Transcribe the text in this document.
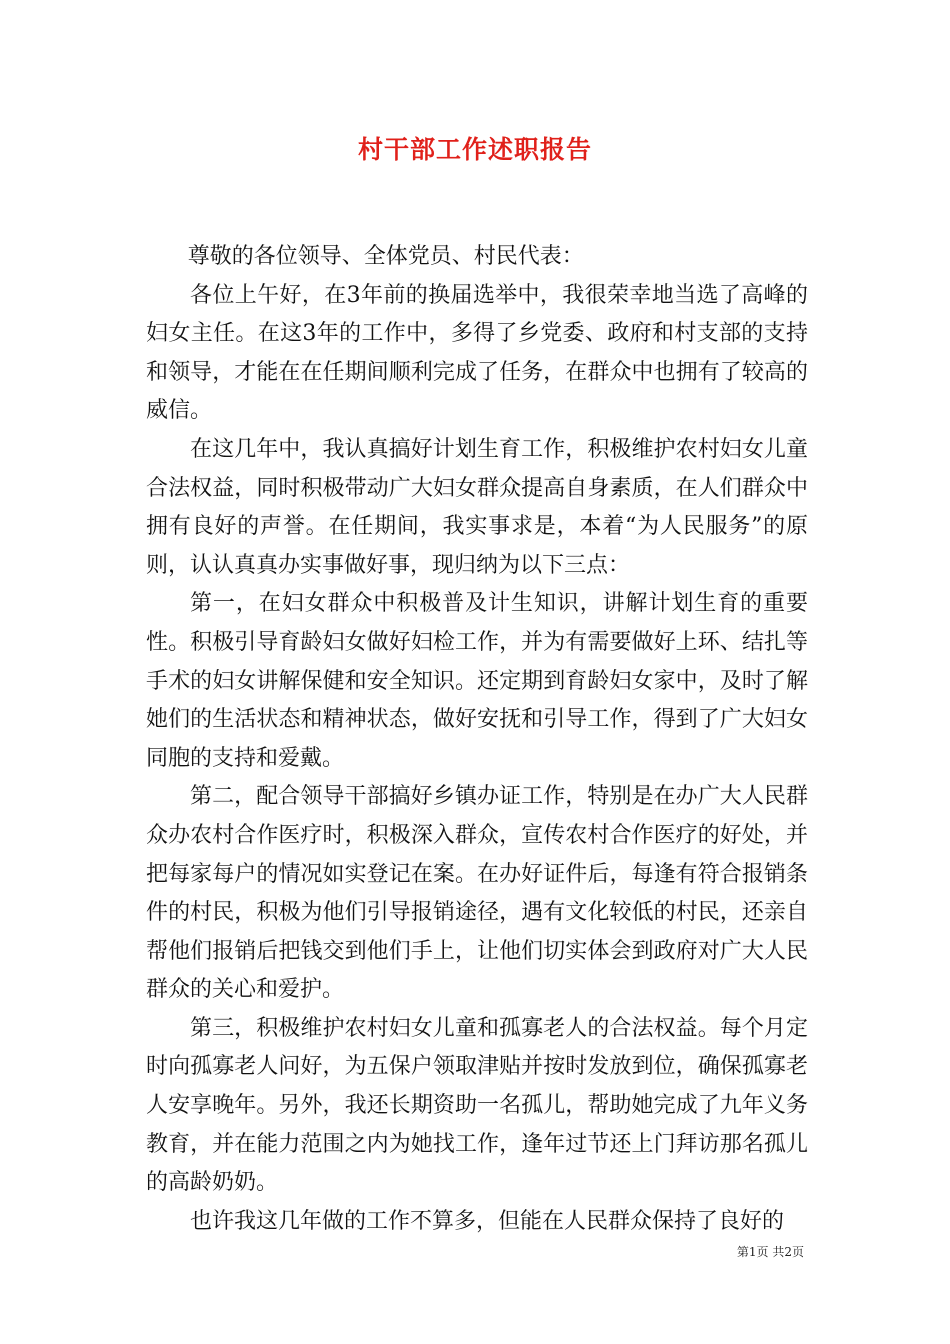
村干部工作述职报告

尊敬的各位领导、全体党员、村民代表：

各位上午好，在3年前的换届选举中，我很荣幸地当选了高峰的妇女主任。在这3年的工作中，多得了乡党委、政府和村支部的支持和领导，才能在在任期间顺利完成了任务，在群众中也拥有了较高的威信。

在这几年中，我认真搞好计划生育工作，积极维护农村妇女儿童合法权益，同时积极带动广大妇女群众提高自身素质，在人们群众中拥有良好的声誉。在任期间，我实事求是，本着“为人民服务”的原则，认认真真办实事做好事，现归纳为以下三点：

第一，在妇女群众中积极普及计生知识，讲解计划生育的重要性。积极引导育龄妇女做好妇检工作，并为有需要做好上环、结扎等手术的妇女讲解保健和安全知识。还定期到育龄妇女家中，及时了解她们的生活状态和精神状态，做好安抚和引导工作，得到了广大妇女同胞的支持和爱戴。

第二，配合领导干部搞好乡镇办证工作，特别是在办广大人民群众办农村合作医疗时，积极深入群众，宣传农村合作医疗的好处，并把每家每户的情况如实登记在案。在办好证件后，每逢有符合报销条件的村民，积极为他们引导报销途径，遇有文化较低的村民，还亲自帮他们报销后把钱交到他们手上，让他们切实体会到政府对广大人民群众的关心和爱护。

第三，积极维护农村妇女儿童和孤寡老人的合法权益。每个月定时向孤寡老人问好，为五保户领取津贴并按时发放到位，确保孤寡老人安享晚年。另外，我还长期资助一名孤儿，帮助她完成了九年义务教育，并在能力范围之内为她找工作，逢年过节还上门拜访那名孤儿的高龄奶奶。

也许我这几年做的工作不算多，但能在人民群众保持了良好的

第1页 共2页
